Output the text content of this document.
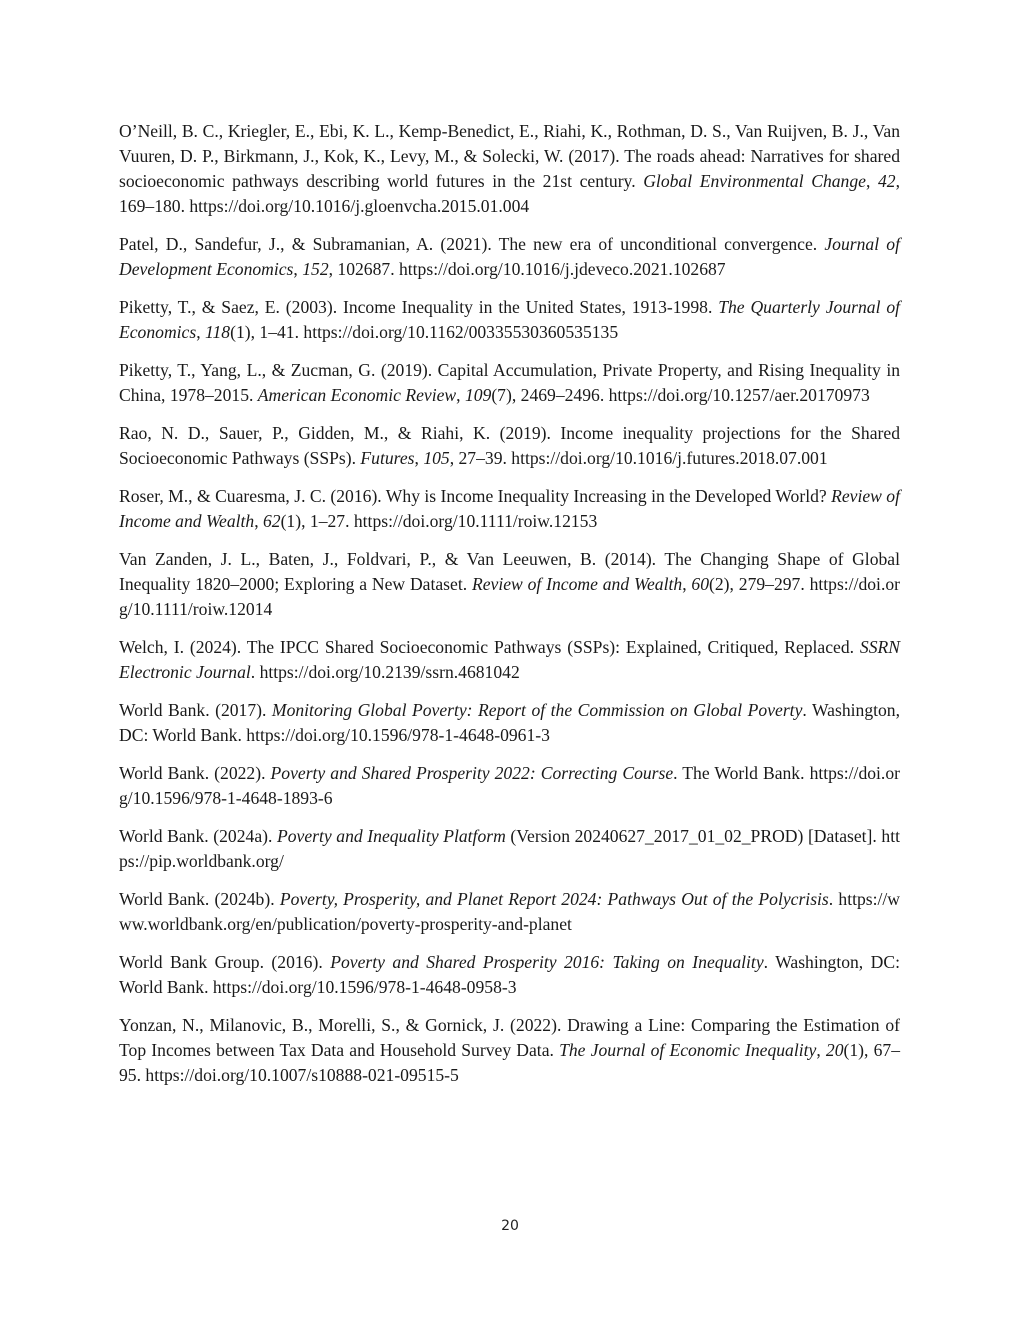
O’Neill, B. C., Kriegler, E., Ebi, K. L., Kemp-Benedict, E., Riahi, K., Rothman, D. S., Van Ruijven, B. J., Van Vuuren, D. P., Birkmann, J., Kok, K., Levy, M., & Solecki, W. (2017). The roads ahead: Narratives for shared socioeconomic pathways describing world futures in the 21st century. Global Environmental Change, 42, 169–180. https://doi.org/10.1016/j.gloenvcha.2015.01.004

Patel, D., Sandefur, J., & Subramanian, A. (2021). The new era of unconditional convergence. Journal of Development Economics, 152, 102687. https://doi.org/10.1016/j.jdeveco.2021.102687

Piketty, T., & Saez, E. (2003). Income Inequality in the United States, 1913-1998. The Quarterly Journal of Economics, 118(1), 1–41. https://doi.org/10.1162/00335530360535135

Piketty, T., Yang, L., & Zucman, G. (2019). Capital Accumulation, Private Property, and Rising Inequality in China, 1978–2015. American Economic Review, 109(7), 2469–2496. https://doi.org/10.1257/aer.20170973

Rao, N. D., Sauer, P., Gidden, M., & Riahi, K. (2019). Income inequality projections for the Shared Socioeconomic Pathways (SSPs). Futures, 105, 27–39. https://doi.org/10.1016/j.futures.2018.07.001

Roser, M., & Cuaresma, J. C. (2016). Why is Income Inequality Increasing in the Developed World? Review of Income and Wealth, 62(1), 1–27. https://doi.org/10.1111/roiw.12153

Van Zanden, J. L., Baten, J., Foldvari, P., & Van Leeuwen, B. (2014). The Changing Shape of Global Inequality 1820–2000; Exploring a New Dataset. Review of Income and Wealth, 60(2), 279–297. https://doi.org/10.1111/roiw.12014

Welch, I. (2024). The IPCC Shared Socioeconomic Pathways (SSPs): Explained, Critiqued, Replaced. SSRN Electronic Journal. https://doi.org/10.2139/ssrn.4681042

World Bank. (2017). Monitoring Global Poverty: Report of the Commission on Global Poverty. Washington, DC: World Bank. https://doi.org/10.1596/978-1-4648-0961-3

World Bank. (2022). Poverty and Shared Prosperity 2022: Correcting Course. The World Bank. https://doi.org/10.1596/978-1-4648-1893-6

World Bank. (2024a). Poverty and Inequality Platform (Version 20240627_2017_01_02_PROD) [Dataset]. https://pip.worldbank.org/

World Bank. (2024b). Poverty, Prosperity, and Planet Report 2024: Pathways Out of the Polycrisis. https://www.worldbank.org/en/publication/poverty-prosperity-and-planet

World Bank Group. (2016). Poverty and Shared Prosperity 2016: Taking on Inequality. Washington, DC: World Bank. https://doi.org/10.1596/978-1-4648-0958-3

Yonzan, N., Milanovic, B., Morelli, S., & Gornick, J. (2022). Drawing a Line: Comparing the Estimation of Top Incomes between Tax Data and Household Survey Data. The Journal of Economic Inequality, 20(1), 67–95. https://doi.org/10.1007/s10888-021-09515-5

20
